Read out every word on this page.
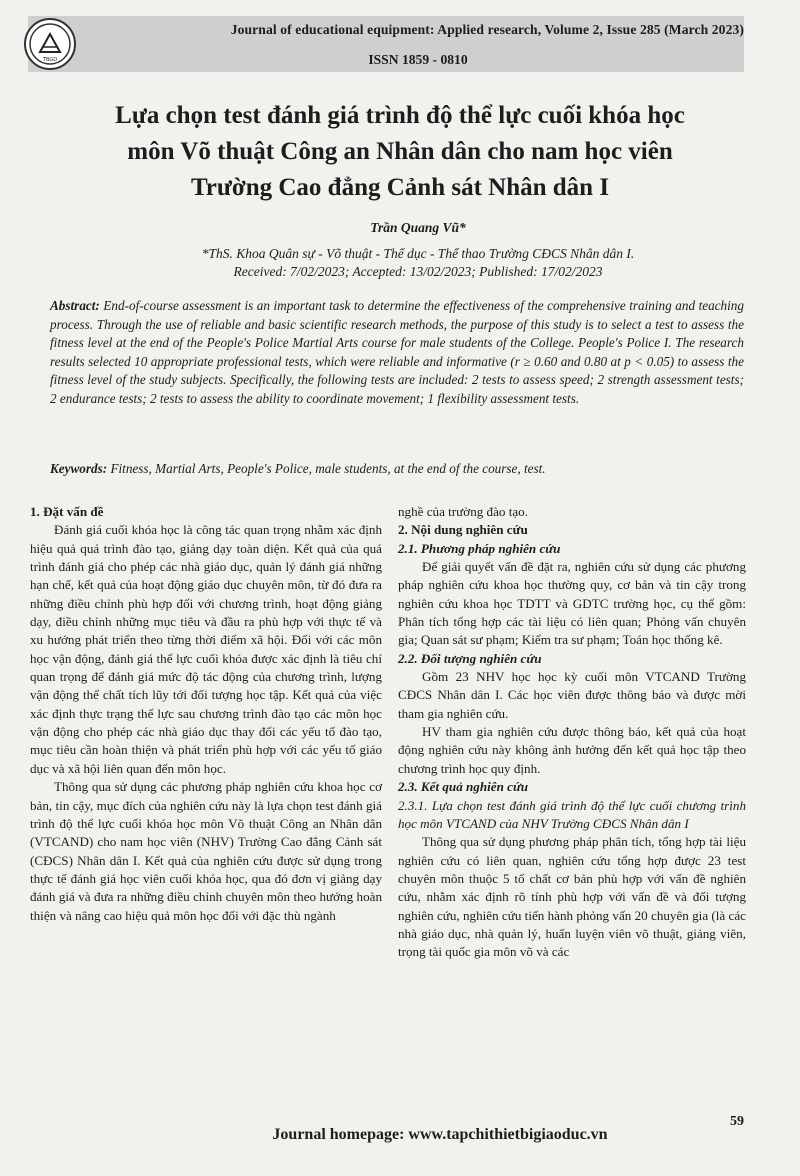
TBGD
Journal of educational equipment: Applied research, Volume 2, Issue 285 (March 2023)
ISSN 1859 - 0810
Lựa chọn test đánh giá trình độ thể lực cuối khóa học
môn Võ thuật Công an Nhân dân cho nam học viên
Trường Cao đẳng Cảnh sát Nhân dân I
Trần Quang Vũ*
*ThS. Khoa Quân sự - Võ thuật - Thể dục - Thể thao Trường CĐCS Nhân dân I.
Received: 7/02/2023; Accepted: 13/02/2023; Published: 17/02/2023
Abstract: End-of-course assessment is an important task to determine the effectiveness of the comprehensive training and teaching process. Through the use of reliable and basic scientific research methods, the purpose of this study is to select a test to assess the fitness level at the end of the People's Police Martial Arts course for male students of the College. People's Police I. The research results selected 10 appropriate professional tests, which were reliable and informative (r ≥ 0.60 and 0.80 at p < 0.05) to assess the fitness level of the study subjects. Specifically, the following tests are included: 2 tests to assess speed; 2 strength assessment tests; 2 endurance tests; 2 tests to assess the ability to coordinate movement; 1 flexibility assessment tests.
Keywords: Fitness, Martial Arts, People's Police, male students, at the end of the course, test.
1. Đặt vấn đề

Đánh giá cuối khóa học là công tác quan trọng nhằm xác định hiệu quả quá trình đào tạo, giảng dạy toàn diện. Kết quả của quá trình đánh giá cho phép các nhà giáo dục, quản lý đánh giá những hạn chế, kết quả của hoạt động giáo dục chuyên môn, từ đó đưa ra những điều chỉnh phù hợp đối với chương trình, hoạt động giảng dạy, điều chỉnh những mục tiêu và đầu ra phù hợp với thực tế và xu hướng phát triển theo từng thời điểm xã hội. Đối với các môn học vận động, đánh giá thể lực cuối khóa được xác định là tiêu chí quan trọng để đánh giá mức độ tác động của chương trình, lượng vận động thể chất tích lũy tới đối tượng học tập. Kết quả của việc xác định thực trạng thể lực sau chương trình đào tạo các môn học vận động cho phép các nhà giáo dục thay đổi các yếu tố đào tạo, mục tiêu cần hoàn thiện và phát triển phù hợp với các yếu tố giáo dục và xã hội liên quan đến môn học.

Thông qua sử dụng các phương pháp nghiên cứu khoa học cơ bản, tin cậy, mục đích của nghiên cứu này là lựa chọn test đánh giá trình độ thể lực cuối khóa học môn Võ thuật Công an Nhân dân (VTCAND) cho nam học viên (NHV) Trường Cao đẳng Cảnh sát (CĐCS) Nhân dân I. Kết quả của nghiên cứu được sử dụng trong thực tế đánh giá học viên cuối khóa học, qua đó đơn vị giảng dạy đánh giá và đưa ra những điều chỉnh chuyên môn theo hướng hoàn thiện và nâng cao hiệu quả môn học đối với đặc thù ngành

nghề của trường đào tạo.

2. Nội dung nghiên cứu
2.1. Phương pháp nghiên cứu

Để giải quyết vấn đề đặt ra, nghiên cứu sử dụng các phương pháp nghiên cứu khoa học thường quy, cơ bản và tin cậy trong nghiên cứu khoa học TDTT và GDTC trường học, cụ thể gồm: Phân tích tổng hợp các tài liệu có liên quan; Phỏng vấn chuyên gia; Quan sát sư phạm; Kiểm tra sư phạm; Toán học thống kê.

2.2. Đối tượng nghiên cứu

Gồm 23 NHV học học kỳ cuối môn VTCAND Trường CĐCS Nhân dân I. Các học viên được thông báo và được mời tham gia nghiên cứu.

HV tham gia nghiên cứu được thông báo, kết quả của hoạt động nghiên cứu này không ảnh hưởng đến kết quả học tập theo chương trình học quy định.

2.3. Kết quả nghiên cứu
2.3.1. Lựa chọn test đánh giá trình độ thể lực cuối chương trình học môn VTCAND của NHV Trường CĐCS Nhân dân I

Thông qua sử dụng phương pháp phân tích, tổng hợp tài liệu nghiên cứu có liên quan, nghiên cứu tổng hợp được 23 test chuyên môn thuộc 5 tố chất cơ bản phù hợp với vấn đề nghiên cứu, nhằm xác định rõ tính phù hợp với vấn đề và đối tượng nghiên cứu, nghiên cứu tiến hành phỏng vấn 20 chuyên gia (là các nhà giáo dục, nhà quản lý, huấn luyện viên võ thuật, giảng viên, trọng tài quốc gia môn võ và các

Journal homepage: www.tapchithietbigiaoduc.vn
59
